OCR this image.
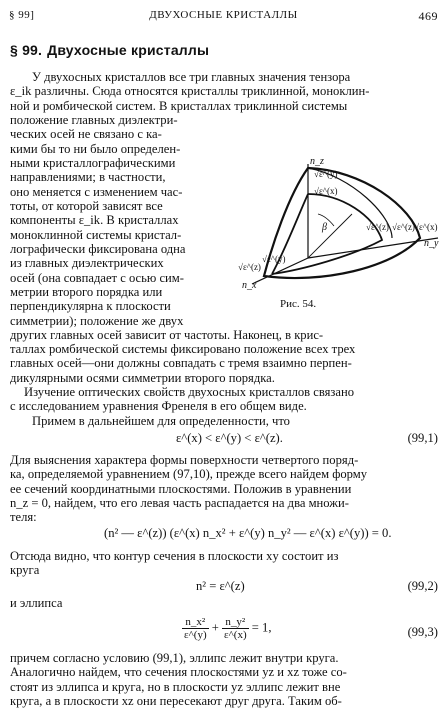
§ 99]	ДВУХОСНЫЕ КРИСТАЛЛЫ	469
§ 99. Двухосные кристаллы
У двухосных кристаллов все три главных значения тензора
ε_ik различны. Сюда относятся кристаллы триклинной, моноклин-
ной и ромбической систем. В кристаллах триклинной системы
положение главных диэлектри-
ческих осей не связано с ка-
кими бы то ни было определен-
ными кристаллографическими
направлениями; в частности,
оно меняется с изменением час-
тоты, от которой зависят все
компоненты ε_ik. В кристаллах
моноклинной системы кристал-
лографически фиксирована одна
из главных диэлектрических
осей (она совпадает с осью сим-
метрии второго порядка или
перпендикулярна к плоскости
симметрии); положение же двух
других главных осей зависит от частоты. Наконец, в крис-
таллах ромбической системы фиксировано положение всех трех
главных осей—они должны совпадать с тремя взаимно перпен-
дикулярными осями симметрии второго порядка.
Изучение оптических свойств двухосных кристаллов связано
с исследованием уравнения Френеля в его общем виде.
Примем в дальнейшем для определенности, что
ε^(x) < ε^(y) < ε^(z).	(99,1)
Для выяснения характера формы поверхности четвертого поряд-
ка, определяемой уравнением (97,10), прежде всего найдем форму
ее сечений координатными плоскостями. Положив в уравнении
n_z = 0, найдем, что его левая часть распадается на два множи-
теля:
(n² — ε^(z)) (ε^(x) n_x² + ε^(y) n_y² — ε^(x) ε^(y)) = 0.
Отсюда видно, что контур сечения в плоскости xy состоит из
круга
n² = ε^(z)	(99,2)
и эллипса
$\frac{\text{n\_x²}}{\varepsilon\^{}(y)} + \frac{\text{n\_y²}}{\varepsilon\^{}(x)} = 1$,	(99,3)
причем согласно условию (99,1), эллипс лежит внутри круга.
Аналогично найдем, что сечения плоскостями yz и xz тоже со-
стоят из эллипса и круга, но в плоскости yz эллипс лежит вне
круга, а в плоскости xz они пересекают друг друга. Таким об-
n_z
√ε^(y)
√ε^(x)
β	√ε^(z) √ε^(z) √ε^(x)
n_y
√ε^(z)
√ε^(y)
n_x
Рис. 54.
